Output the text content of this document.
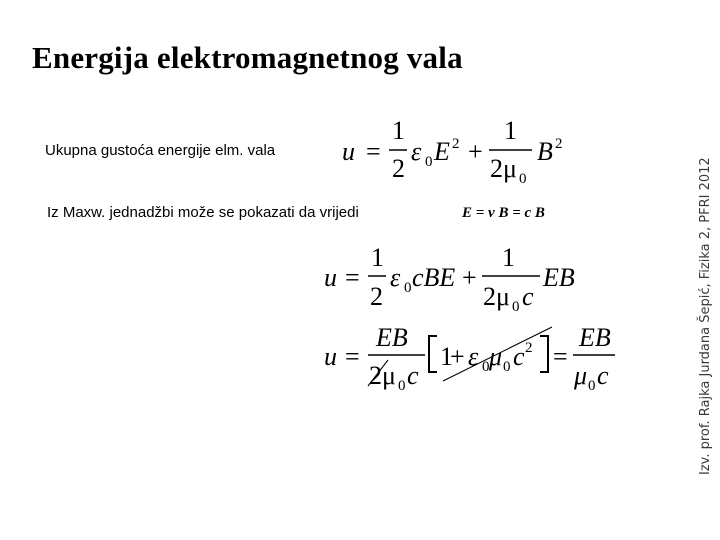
Energija elektromagnetnog vala
Izv. prof. Rajka Jurdana Šepić, Fizika 2, PFRI 2012
Ukupna gustoća energije elm. vala
Iz Maxw. jednadžbi može se pokazati da vrijedi	E = v B = c B
u =
1
2
ε 0 E 2 +
1
2μ 0
B 2
u =
1
2
ε 0 cBE +
1
2μ 0 c
EB
u =
EB
2μ 0 c
1
+ ε 0 μ 0 c 2 =
EB
μ 0 c
